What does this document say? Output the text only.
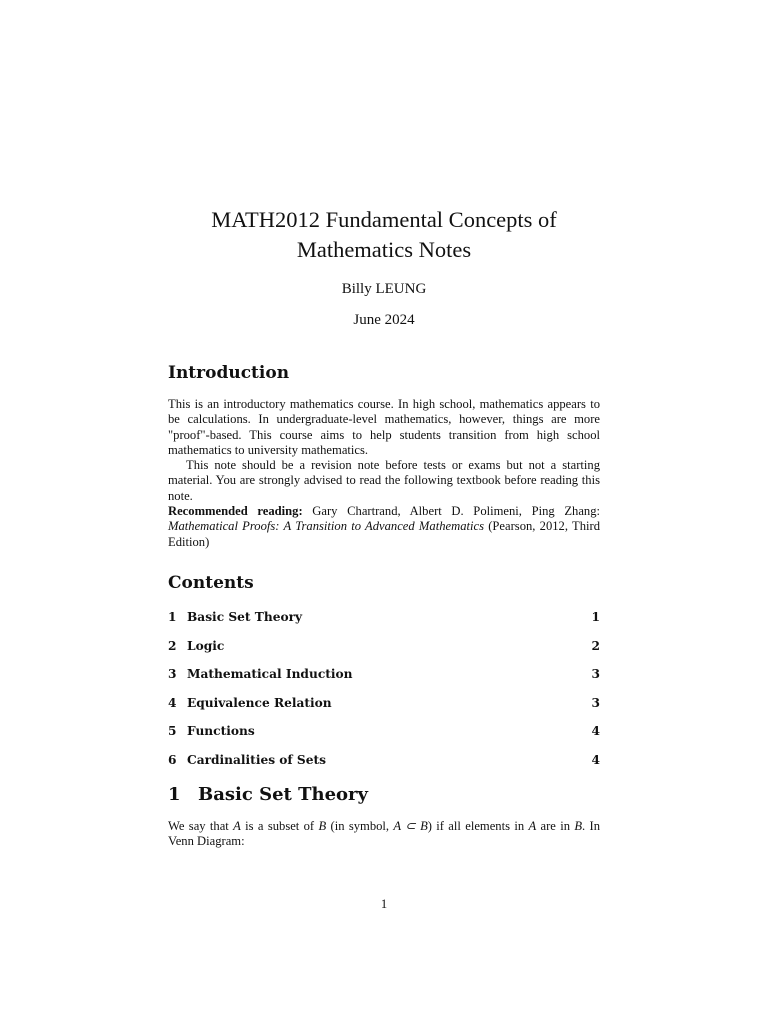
MATH2012 Fundamental Concepts of
Mathematics Notes
Billy LEUNG
June 2024
Introduction

This is an introductory mathematics course. In high school, mathematics appears to be calculations. In undergraduate-level mathematics, however, things are more "proof"-based. This course aims to help students transition from high school mathematics to university mathematics.

This note should be a revision note before tests or exams but not a starting material. You are strongly advised to read the following textbook before reading this note.

Recommended reading: Gary Chartrand, Albert D. Polimeni, Ping Zhang: Mathematical Proofs: A Transition to Advanced Mathematics (Pearson, 2012, Third Edition)

Contents
1 Basic Set Theory	1
2 Logic	2
3 Mathematical Induction	3
4 Equivalence Relation	3
5 Functions	4
6 Cardinalities of Sets	4
1 Basic Set Theory

We say that A is a subset of B (in symbol, A ⊂ B) if all elements in A are in B. In Venn Diagram:

1
